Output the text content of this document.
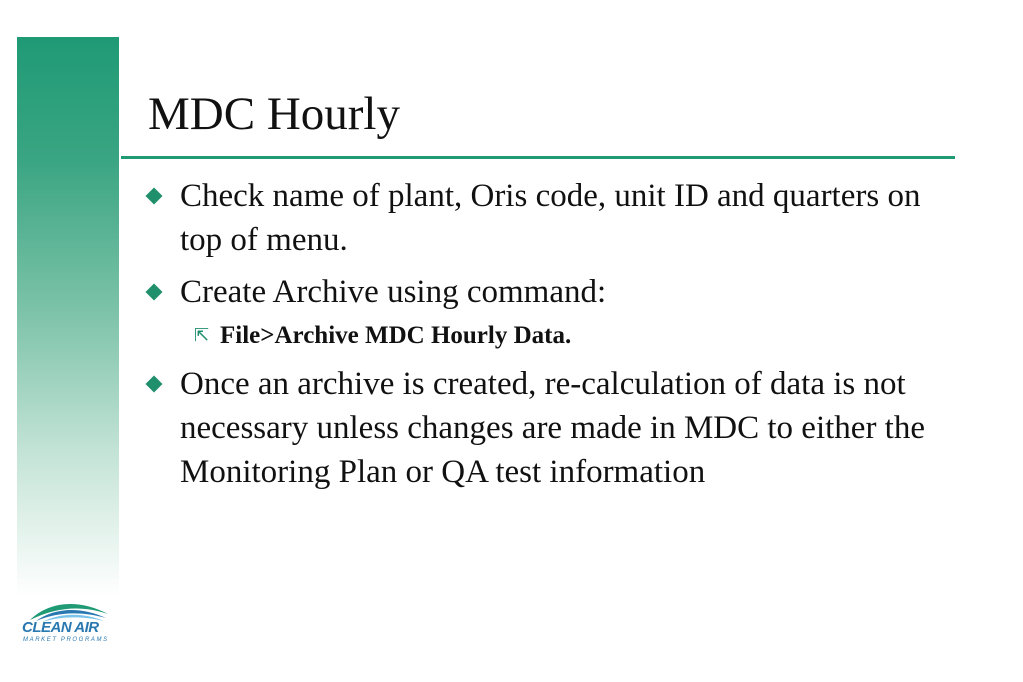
MDC Hourly
Check name of plant, Oris code, unit ID and quarters on top of menu.
Create Archive using command:
⇱ File>Archive MDC Hourly Data.
Once an archive is created, re-calculation of data is not necessary unless changes are made in MDC to either the Monitoring Plan or QA test information
CLEAN AIR
MARKET PROGRAMS
